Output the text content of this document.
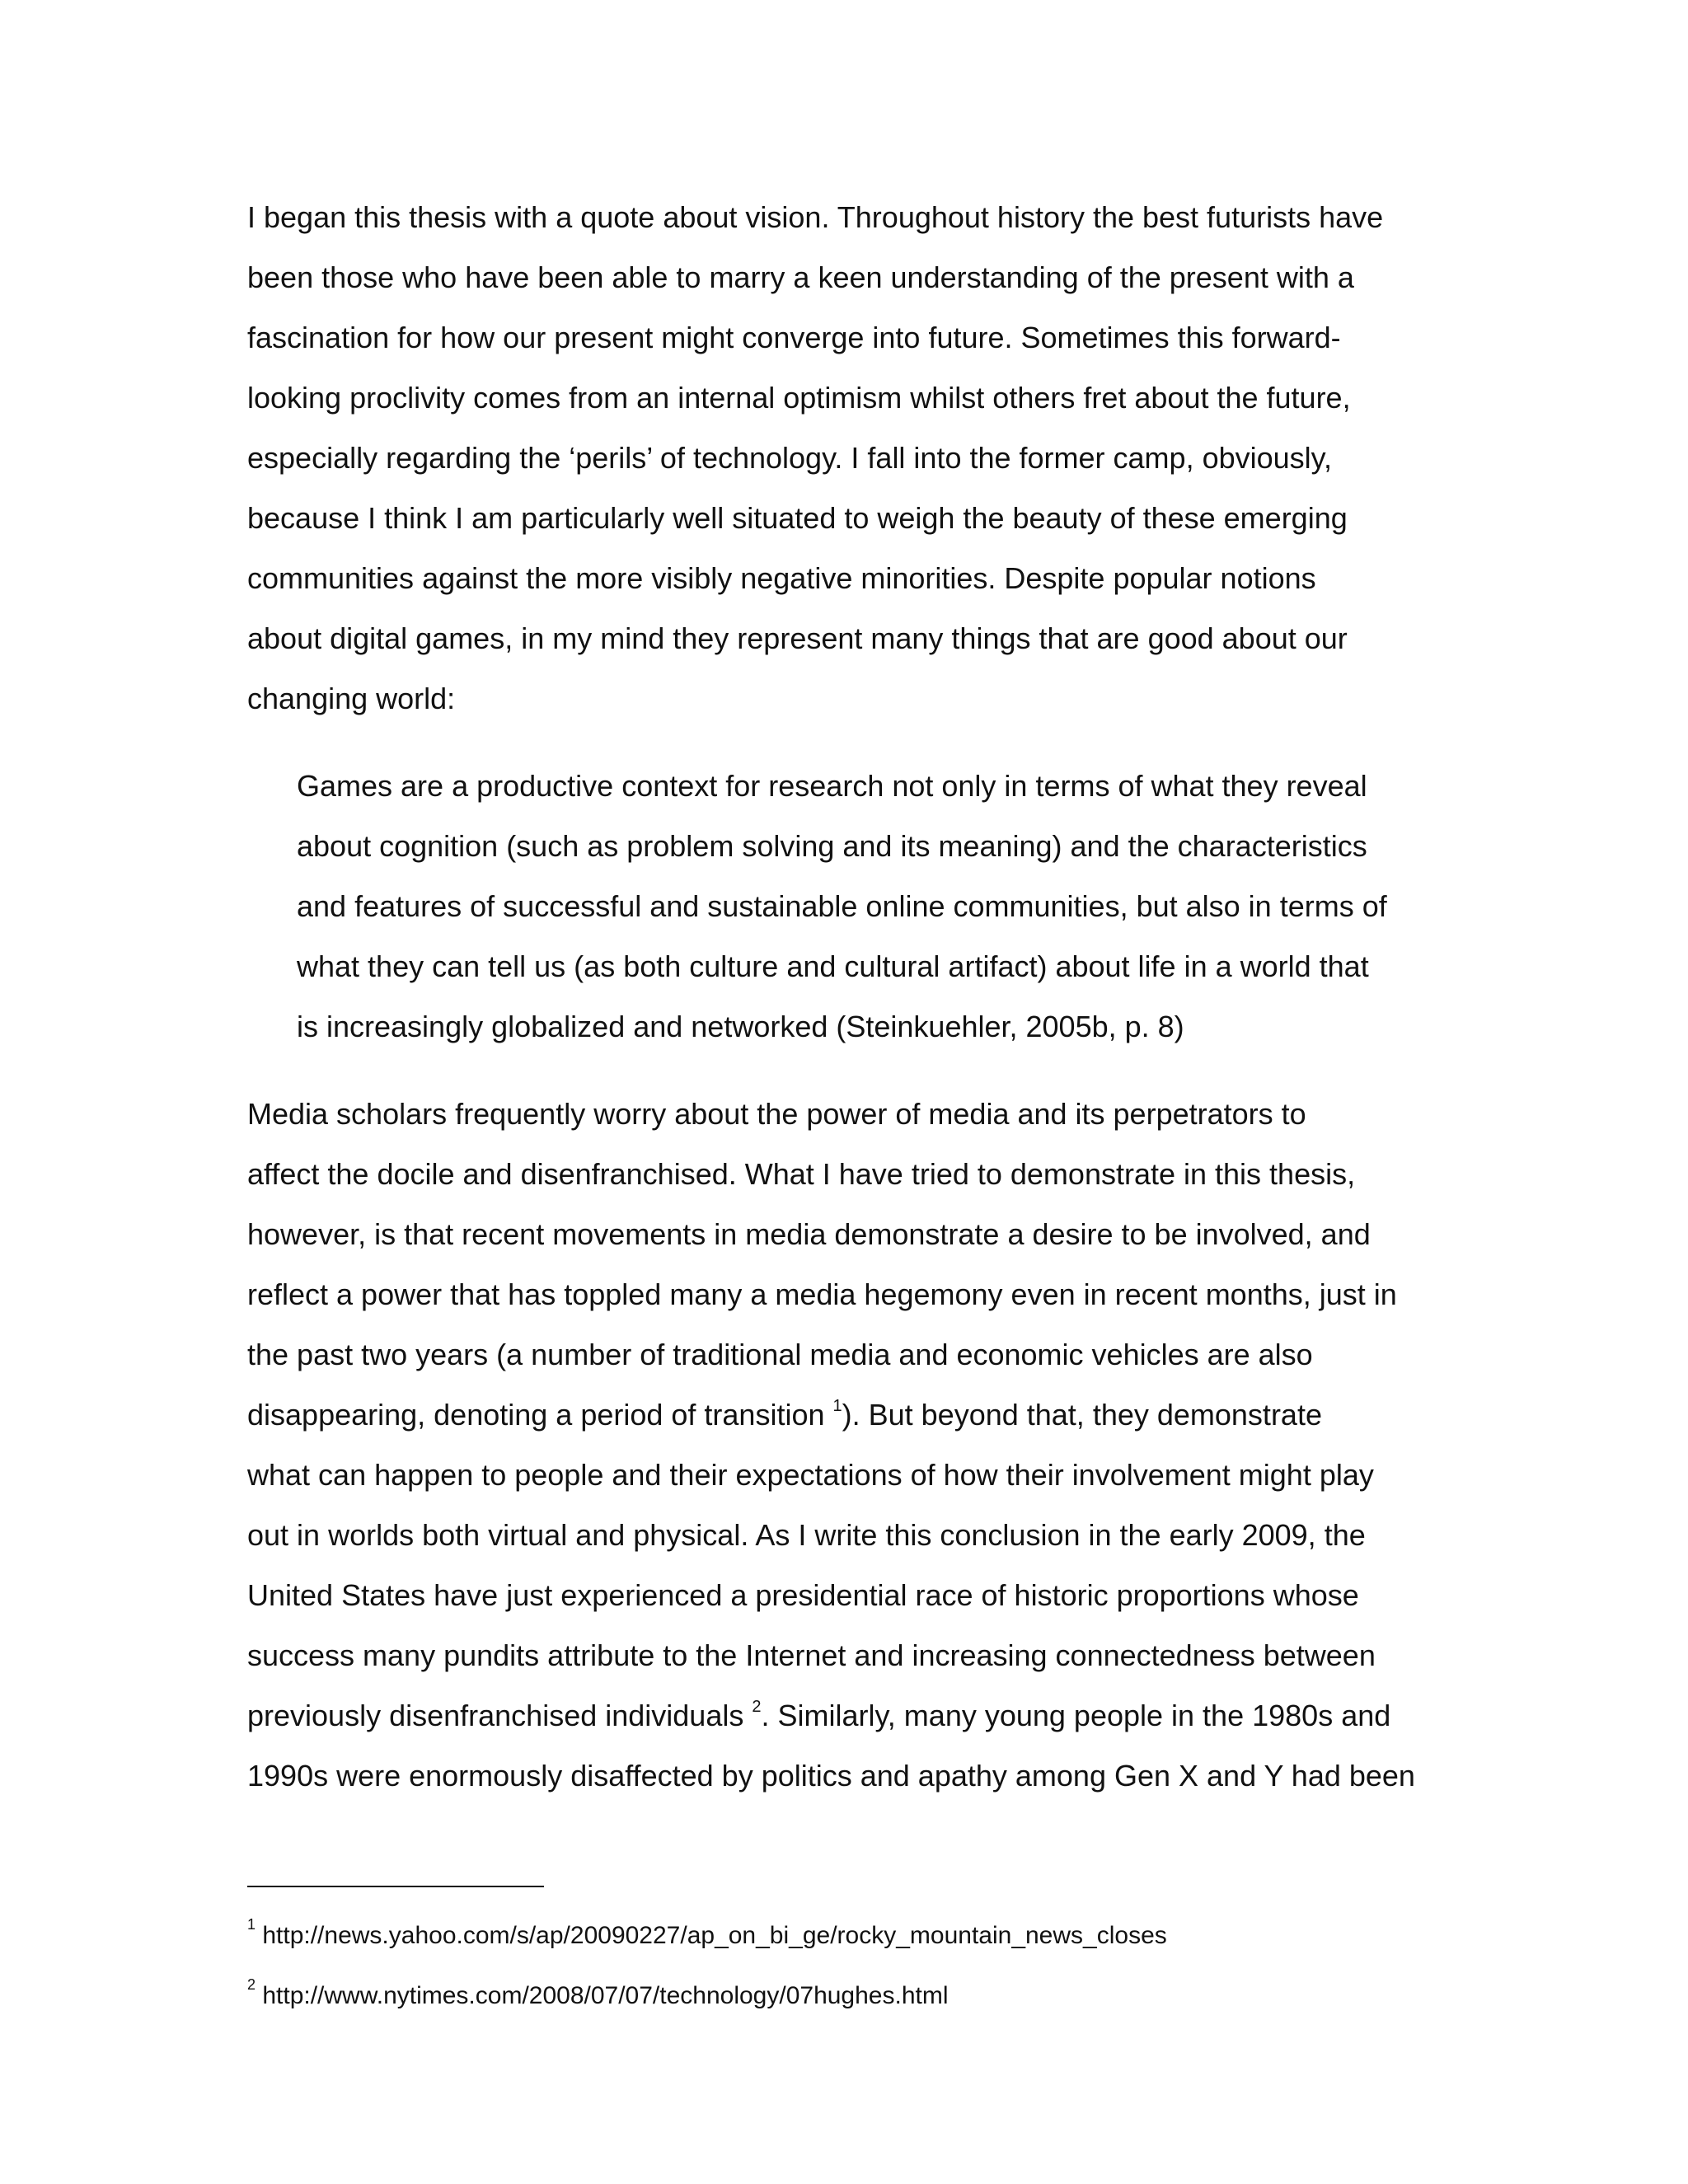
I began this thesis with a quote about vision. Throughout history the best futurists have
been those who have been able to marry a keen understanding of the present with a
fascination for how our present might converge into future. Sometimes this forward-
looking proclivity comes from an internal optimism whilst others fret about the future,
especially regarding the ‘perils’ of technology. I fall into the former camp, obviously,
because I think I am particularly well situated to weigh the beauty of these emerging
communities against the more visibly negative minorities. Despite popular notions
about digital games, in my mind they represent many things that are good about our
changing world:
Games are a productive context for research not only in terms of what they reveal
about cognition (such as problem solving and its meaning) and the characteristics
and features of successful and sustainable online communities, but also in terms of
what they can tell us (as both culture and cultural artifact) about life in a world that
is increasingly globalized and networked (Steinkuehler, 2005b, p. 8)
Media scholars frequently worry about the power of media and its perpetrators to
affect the docile and disenfranchised. What I have tried to demonstrate in this thesis,
however, is that recent movements in media demonstrate a desire to be involved, and
reflect a power that has toppled many a media hegemony even in recent months, just in
the past two years (a number of traditional media and economic vehicles are also
disappearing, denoting a period of transition $^1$). But beyond that, they demonstrate
what can happen to people and their expectations of how their involvement might play
out in worlds both virtual and physical. As I write this conclusion in the early 2009, the
United States have just experienced a presidential race of historic proportions whose
success many pundits attribute to the Internet and increasing connectedness between
previously disenfranchised individuals $^2$. Similarly, many young people in the 1980s and
1990s were enormously disaffected by politics and apathy among Gen X and Y had been
$^1$ http://news.yahoo.com/s/ap/20090227/ap_on_bi_ge/rocky_mountain_news_closes
$^2$ http://www.nytimes.com/2008/07/07/technology/07hughes.html
